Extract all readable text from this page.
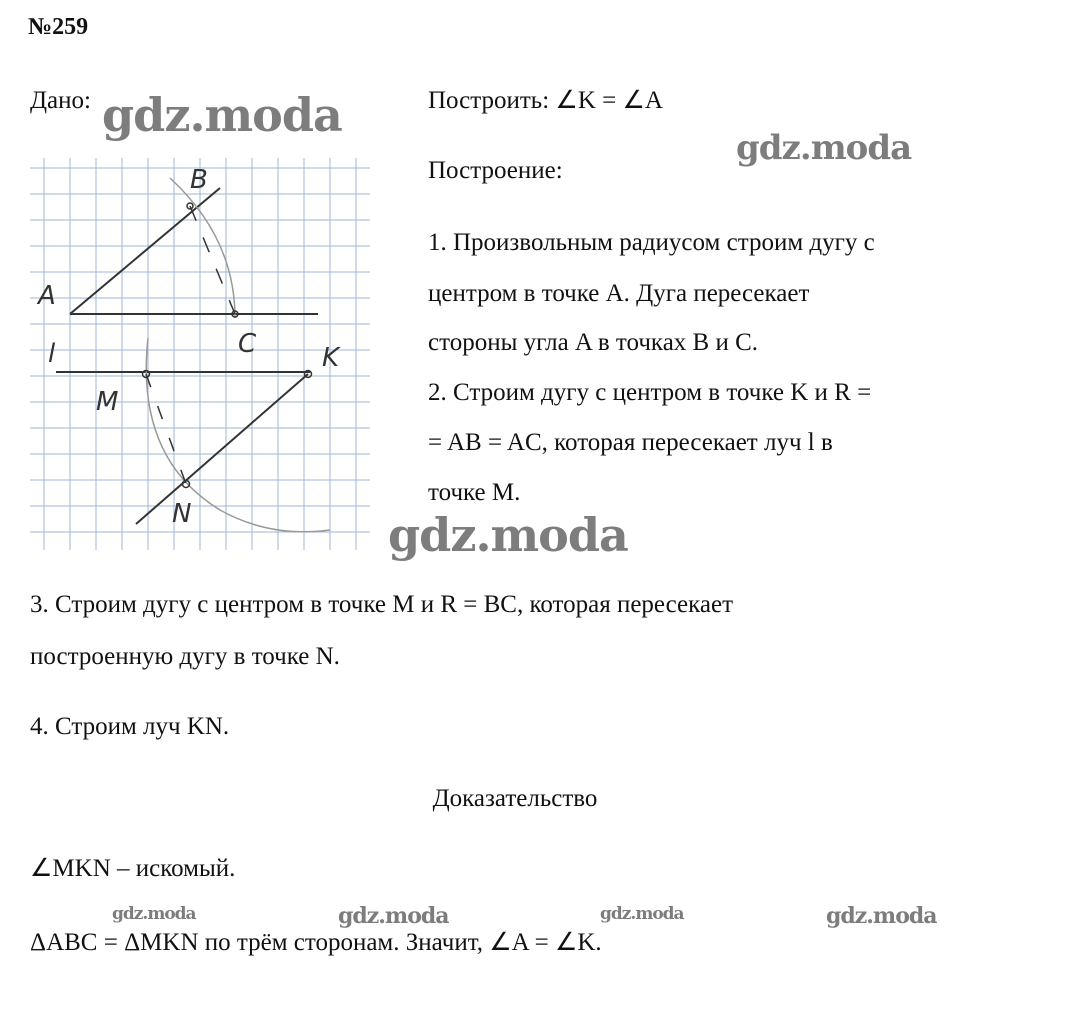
№259
Дано:
A
B
C
l	K
M
N
Построить: ∠K = ∠A
Построение:
1. Произвольным радиусом строим дугу с
центром в точке A. Дуга пересекает
стороны угла A в точках B и C.
2. Строим дугу с центром в точке K и R =
= AB = AC, которая пересекает луч l в
точке M.
3. Строим дугу с центром в точке M и R = BC, которая пересекает
построенную дугу в точке N.
4. Строим луч KN.
Доказательство
∠MKN – искомый.
ΔABC = ΔMKN по трём сторонам. Значит, ∠A = ∠K.
gdz.moda
gdz.moda
gdz.moda
gdz.moda	gdz.moda	gdz.moda	gdz.moda
